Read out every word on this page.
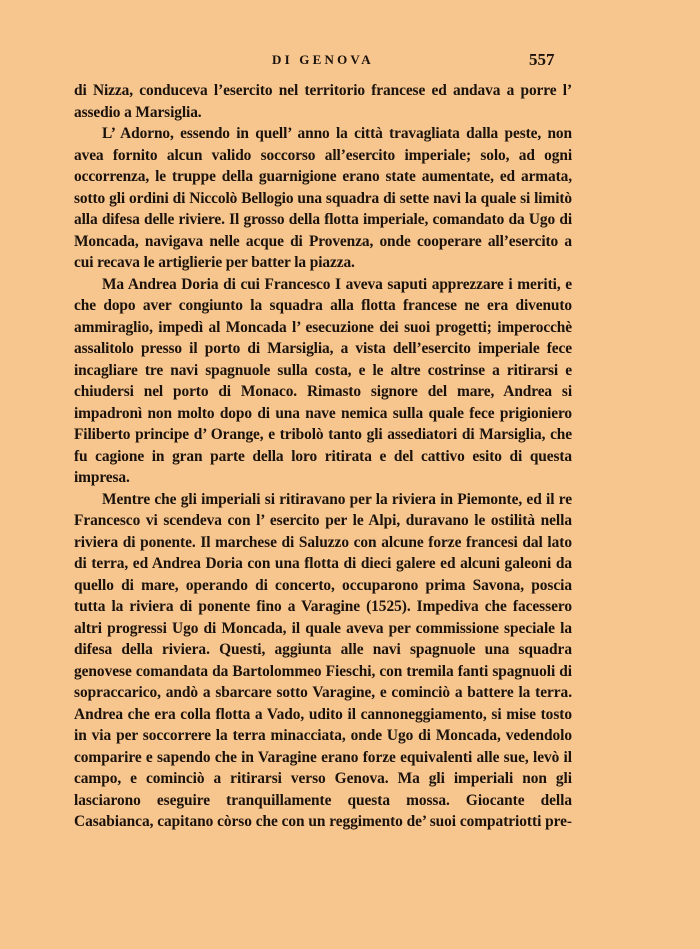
DI GENOVA	557

di Nizza, conduceva l’esercito nel territorio francese ed andava a porre l’ assedio a Marsiglia.

L’ Adorno, essendo in quell’ anno la città travagliata dalla peste, non avea fornito alcun valido soccorso all’esercito imperiale; solo, ad ogni occorrenza, le truppe della guarnigione erano state aumentate, ed armata, sotto gli ordini di Niccolò Bellogio una squadra di sette navi la quale si limitò alla difesa delle riviere. Il grosso della flotta imperiale, comandato da Ugo di Moncada, navigava nelle acque di Provenza, onde cooperare all’esercito a cui recava le artiglierie per batter la piazza.

Ma Andrea Doria di cui Francesco I aveva saputi apprezzare i meriti, e che dopo aver congiunto la squadra alla flotta francese ne era divenuto ammiraglio, impedì al Moncada l’ esecuzione dei suoi progetti; imperocchè assalitolo presso il porto di Marsiglia, a vista dell’esercito imperiale fece incagliare tre navi spagnuole sulla costa, e le altre costrinse a ritirarsi e chiudersi nel porto di Monaco. Rimasto signore del mare, Andrea si impadronì non molto dopo di una nave nemica sulla quale fece prigioniero Filiberto principe d’ Orange, e tribolò tanto gli assediatori di Marsiglia, che fu cagione in gran parte della loro ritirata e del cattivo esito di questa impresa.

Mentre che gli imperiali si ritiravano per la riviera in Piemonte, ed il re Francesco vi scendeva con l’ esercito per le Alpi, duravano le ostilità nella riviera di ponente. Il marchese di Saluzzo con alcune forze francesi dal lato di terra, ed Andrea Doria con una flotta di dieci galere ed alcuni galeoni da quello di mare, operando di concerto, occuparono prima Savona, poscia tutta la riviera di ponente fino a Varagine (1525). Impediva che facessero altri progressi Ugo di Moncada, il quale aveva per commissione speciale la difesa della riviera. Questi, aggiunta alle navi spagnuole una squadra genovese comandata da Bartolommeo Fieschi, con tremila fanti spagnuoli di sopraccarico, andò a sbarcare sotto Varagine, e cominciò a battere la terra. Andrea che era colla flotta a Vado, udito il cannoneggiamento, si mise tosto in via per soccorrere la terra minacciata, onde Ugo di Moncada, vedendolo comparire e sapendo che in Varagine erano forze equivalenti alle sue, levò il campo, e cominciò a ritirarsi verso Genova. Ma gli imperiali non gli lasciarono eseguire tranquillamente questa mossa. Giocante della Casabianca, capitano còrso che con un reggimento de’ suoi compatriotti pre-
